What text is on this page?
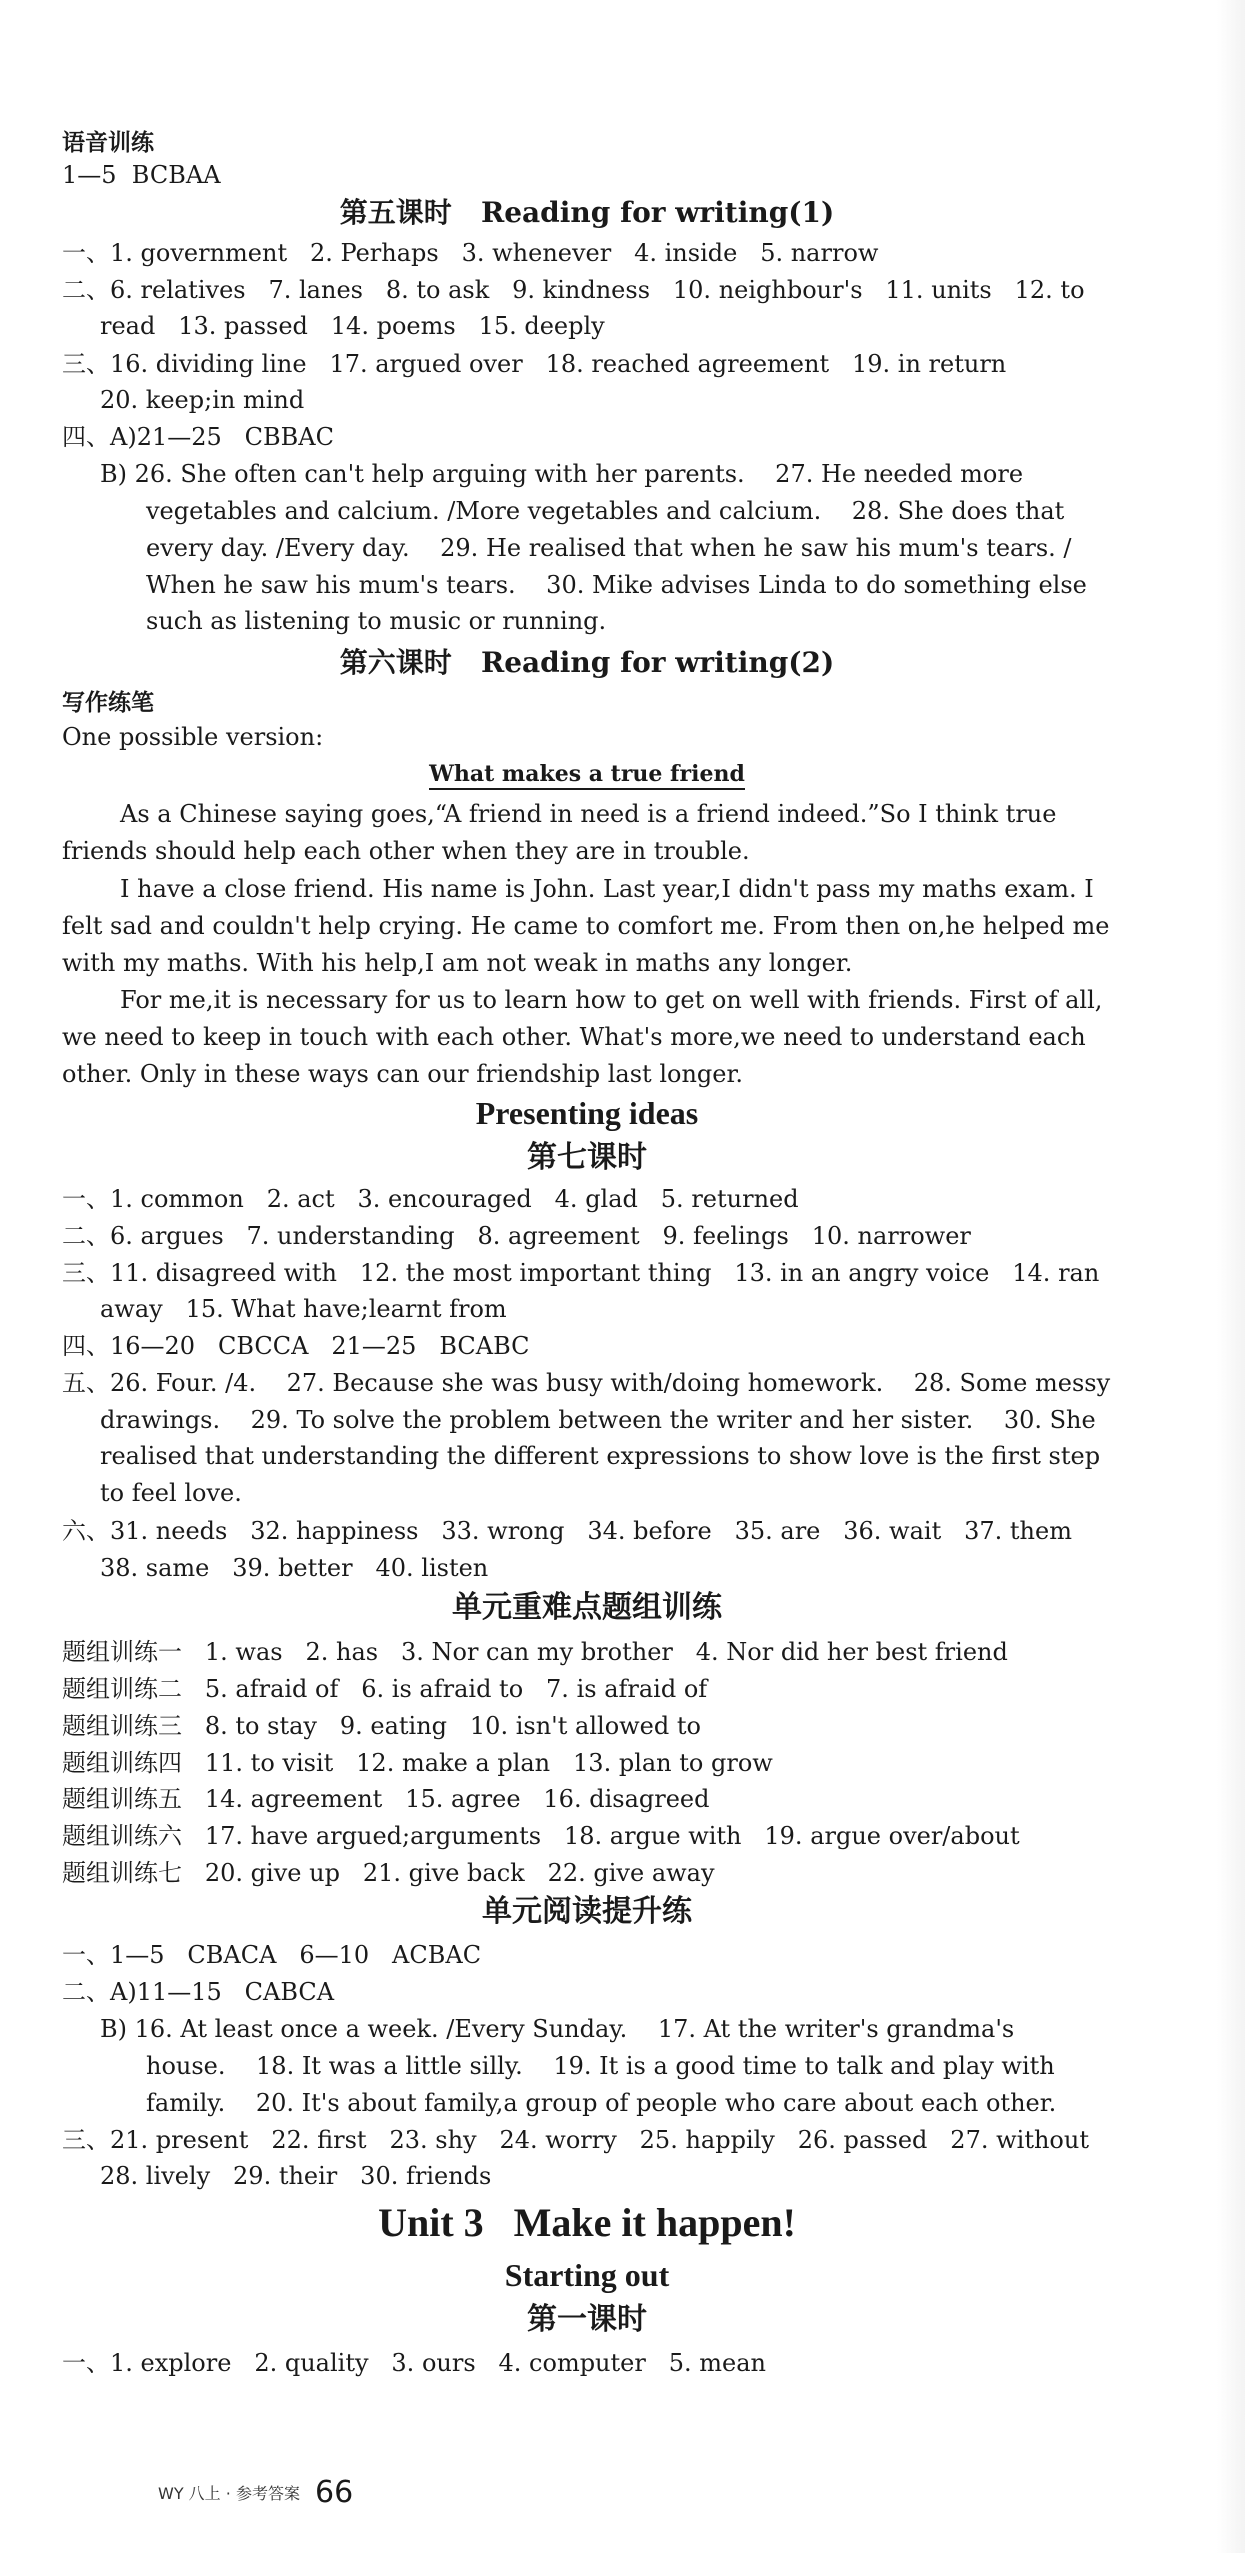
语音训练
1—5  BCBAA
第五课时   Reading for writing(1)
一、1. government   2. Perhaps   3. whenever   4. inside   5. narrow
二、6. relatives   7. lanes   8. to ask   9. kindness   10. neighbour's   11. units   12. to
read   13. passed   14. poems   15. deeply
三、16. dividing line   17. argued over   18. reached agreement   19. in return
20. keep;in mind
四、A)21—25   CBBAC
B) 26. She often can't help arguing with her parents.    27. He needed more
vegetables and calcium. /More vegetables and calcium.    28. She does that
every day. /Every day.    29. He realised that when he saw his mum's tears. /
When he saw his mum's tears.    30. Mike advises Linda to do something else
such as listening to music or running.
第六课时   Reading for writing(2)
写作练笔
One possible version:
What makes a true friend
As a Chinese saying goes,“A friend in need is a friend indeed.”So I think true
friends should help each other when they are in trouble.
I have a close friend. His name is John. Last year,I didn't pass my maths exam. I
felt sad and couldn't help crying. He came to comfort me. From then on,he helped me
with my maths. With his help,I am not weak in maths any longer.
For me,it is necessary for us to learn how to get on well with friends. First of all,
we need to keep in touch with each other. What's more,we need to understand each
other. Only in these ways can our friendship last longer.
Presenting ideas
第七课时
一、1. common   2. act   3. encouraged   4. glad   5. returned
二、6. argues   7. understanding   8. agreement   9. feelings   10. narrower
三、11. disagreed with   12. the most important thing   13. in an angry voice   14. ran
away   15. What have;learnt from
四、16—20   CBCCA   21—25   BCABC
五、26. Four. /4.    27. Because she was busy with/doing homework.    28. Some messy
drawings.    29. To solve the problem between the writer and her sister.    30. She
realised that understanding the different expressions to show love is the first step
to feel love.
六、31. needs   32. happiness   33. wrong   34. before   35. are   36. wait   37. them
38. same   39. better   40. listen
单元重难点题组训练
题组训练一   1. was   2. has   3. Nor can my brother   4. Nor did her best friend
题组训练二   5. afraid of   6. is afraid to   7. is afraid of
题组训练三   8. to stay   9. eating   10. isn't allowed to
题组训练四   11. to visit   12. make a plan   13. plan to grow
题组训练五   14. agreement   15. agree   16. disagreed
题组训练六   17. have argued;arguments   18. argue with   19. argue over/about
题组训练七   20. give up   21. give back   22. give away
单元阅读提升练
一、1—5   CBACA   6—10   ACBAC
二、A)11—15   CABCA
B) 16. At least once a week. /Every Sunday.    17. At the writer's grandma's
house.    18. It was a little silly.    19. It is a good time to talk and play with
family.    20. It's about family,a group of people who care about each other.
三、21. present   22. first   23. shy   24. worry   25. happily   26. passed   27. without
28. lively   29. their   30. friends
Unit 3   Make it happen!
Starting out
第一课时
一、1. explore   2. quality   3. ours   4. computer   5. mean
WY 八上 · 参考答案 66
